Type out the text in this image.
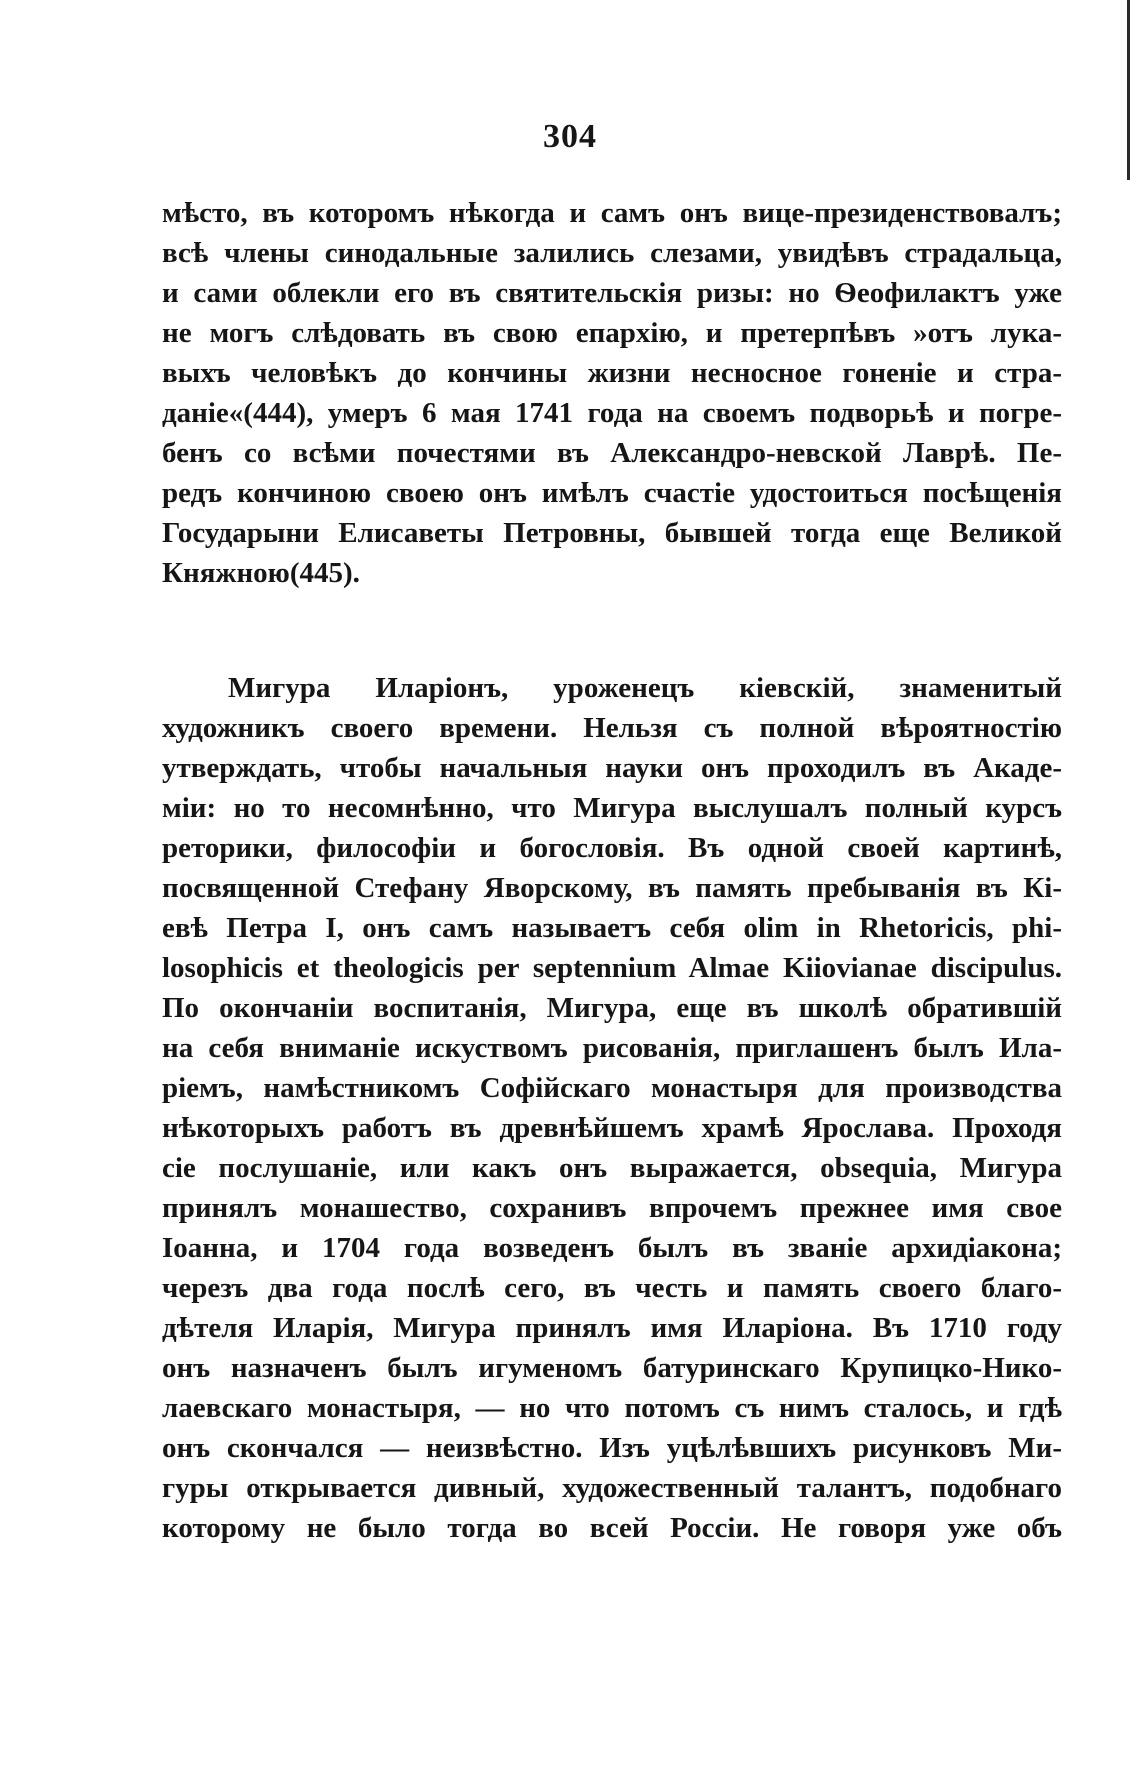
304
мѣсто, въ которомъ нѣкогда и самъ онъ вице-президенствовалъ;
всѣ члены синодальные залились слезами, увидѣвъ страдальца,
и сами облекли его въ святительскія ризы: но Ѳеофилактъ уже
не могъ слѣдовать въ свою епархію, и претерпѣвъ »отъ лука-
выхъ человѣкъ до кончины жизни несносное гоненіе и стра-
даніе«(444), умеръ 6 мая 1741 года на своемъ подворьѣ и погре-
бенъ со всѣми почестями въ Александро-невской Лаврѣ. Пе-
редъ кончиною своею онъ имѣлъ счастіе удостоиться посѣщенія
Государыни Елисаветы Петровны, бывшей тогда еще Великой
Княжною(445).
Мигура Иларіонъ, уроженецъ кіевскій, знаменитый
художникъ своего времени. Нельзя съ полной вѣроятностію
утверждать, чтобы начальныя науки онъ проходилъ въ Акаде-
міи: но то несомнѣнно, что Мигура выслушалъ полный курсъ
реторики, философіи и богословія. Въ одной своей картинѣ,
посвященной Стефану Яворскому, въ память пребыванія въ Кі-
евѣ Петра I, онъ самъ называетъ себя olim in Rhetoricis, phi-
losophicis et theologicis per septennium Almae Kiiovianae discipulus.
По окончаніи воспитанія, Мигура, еще въ школѣ обратившій
на себя вниманіе искуствомъ рисованія, приглашенъ былъ Ила-
ріемъ, намѣстникомъ Софійскаго монастыря для производства
нѣкоторыхъ работъ въ древнѣйшемъ храмѣ Ярослава. Проходя
сіе послушаніе, или какъ онъ выражается, obsequia, Мигура
принялъ монашество, сохранивъ впрочемъ прежнее имя свое
Іоанна, и 1704 года возведенъ былъ въ званіе архидіакона;
черезъ два года послѣ сего, въ честь и память своего благо-
дѣтеля Иларія, Мигура принялъ имя Иларіона. Въ 1710 году
онъ назначенъ былъ игуменомъ батуринскаго Крупицко-Нико-
лаевскаго монастыря, — но что потомъ съ нимъ сталось, и гдѣ
онъ скончался — неизвѣстно. Изъ уцѣлѣвшихъ рисунковъ Ми-
гуры открывается дивный, художественный талантъ, подобнаго
которому не было тогда во всей Россіи. Не говоря уже объ
